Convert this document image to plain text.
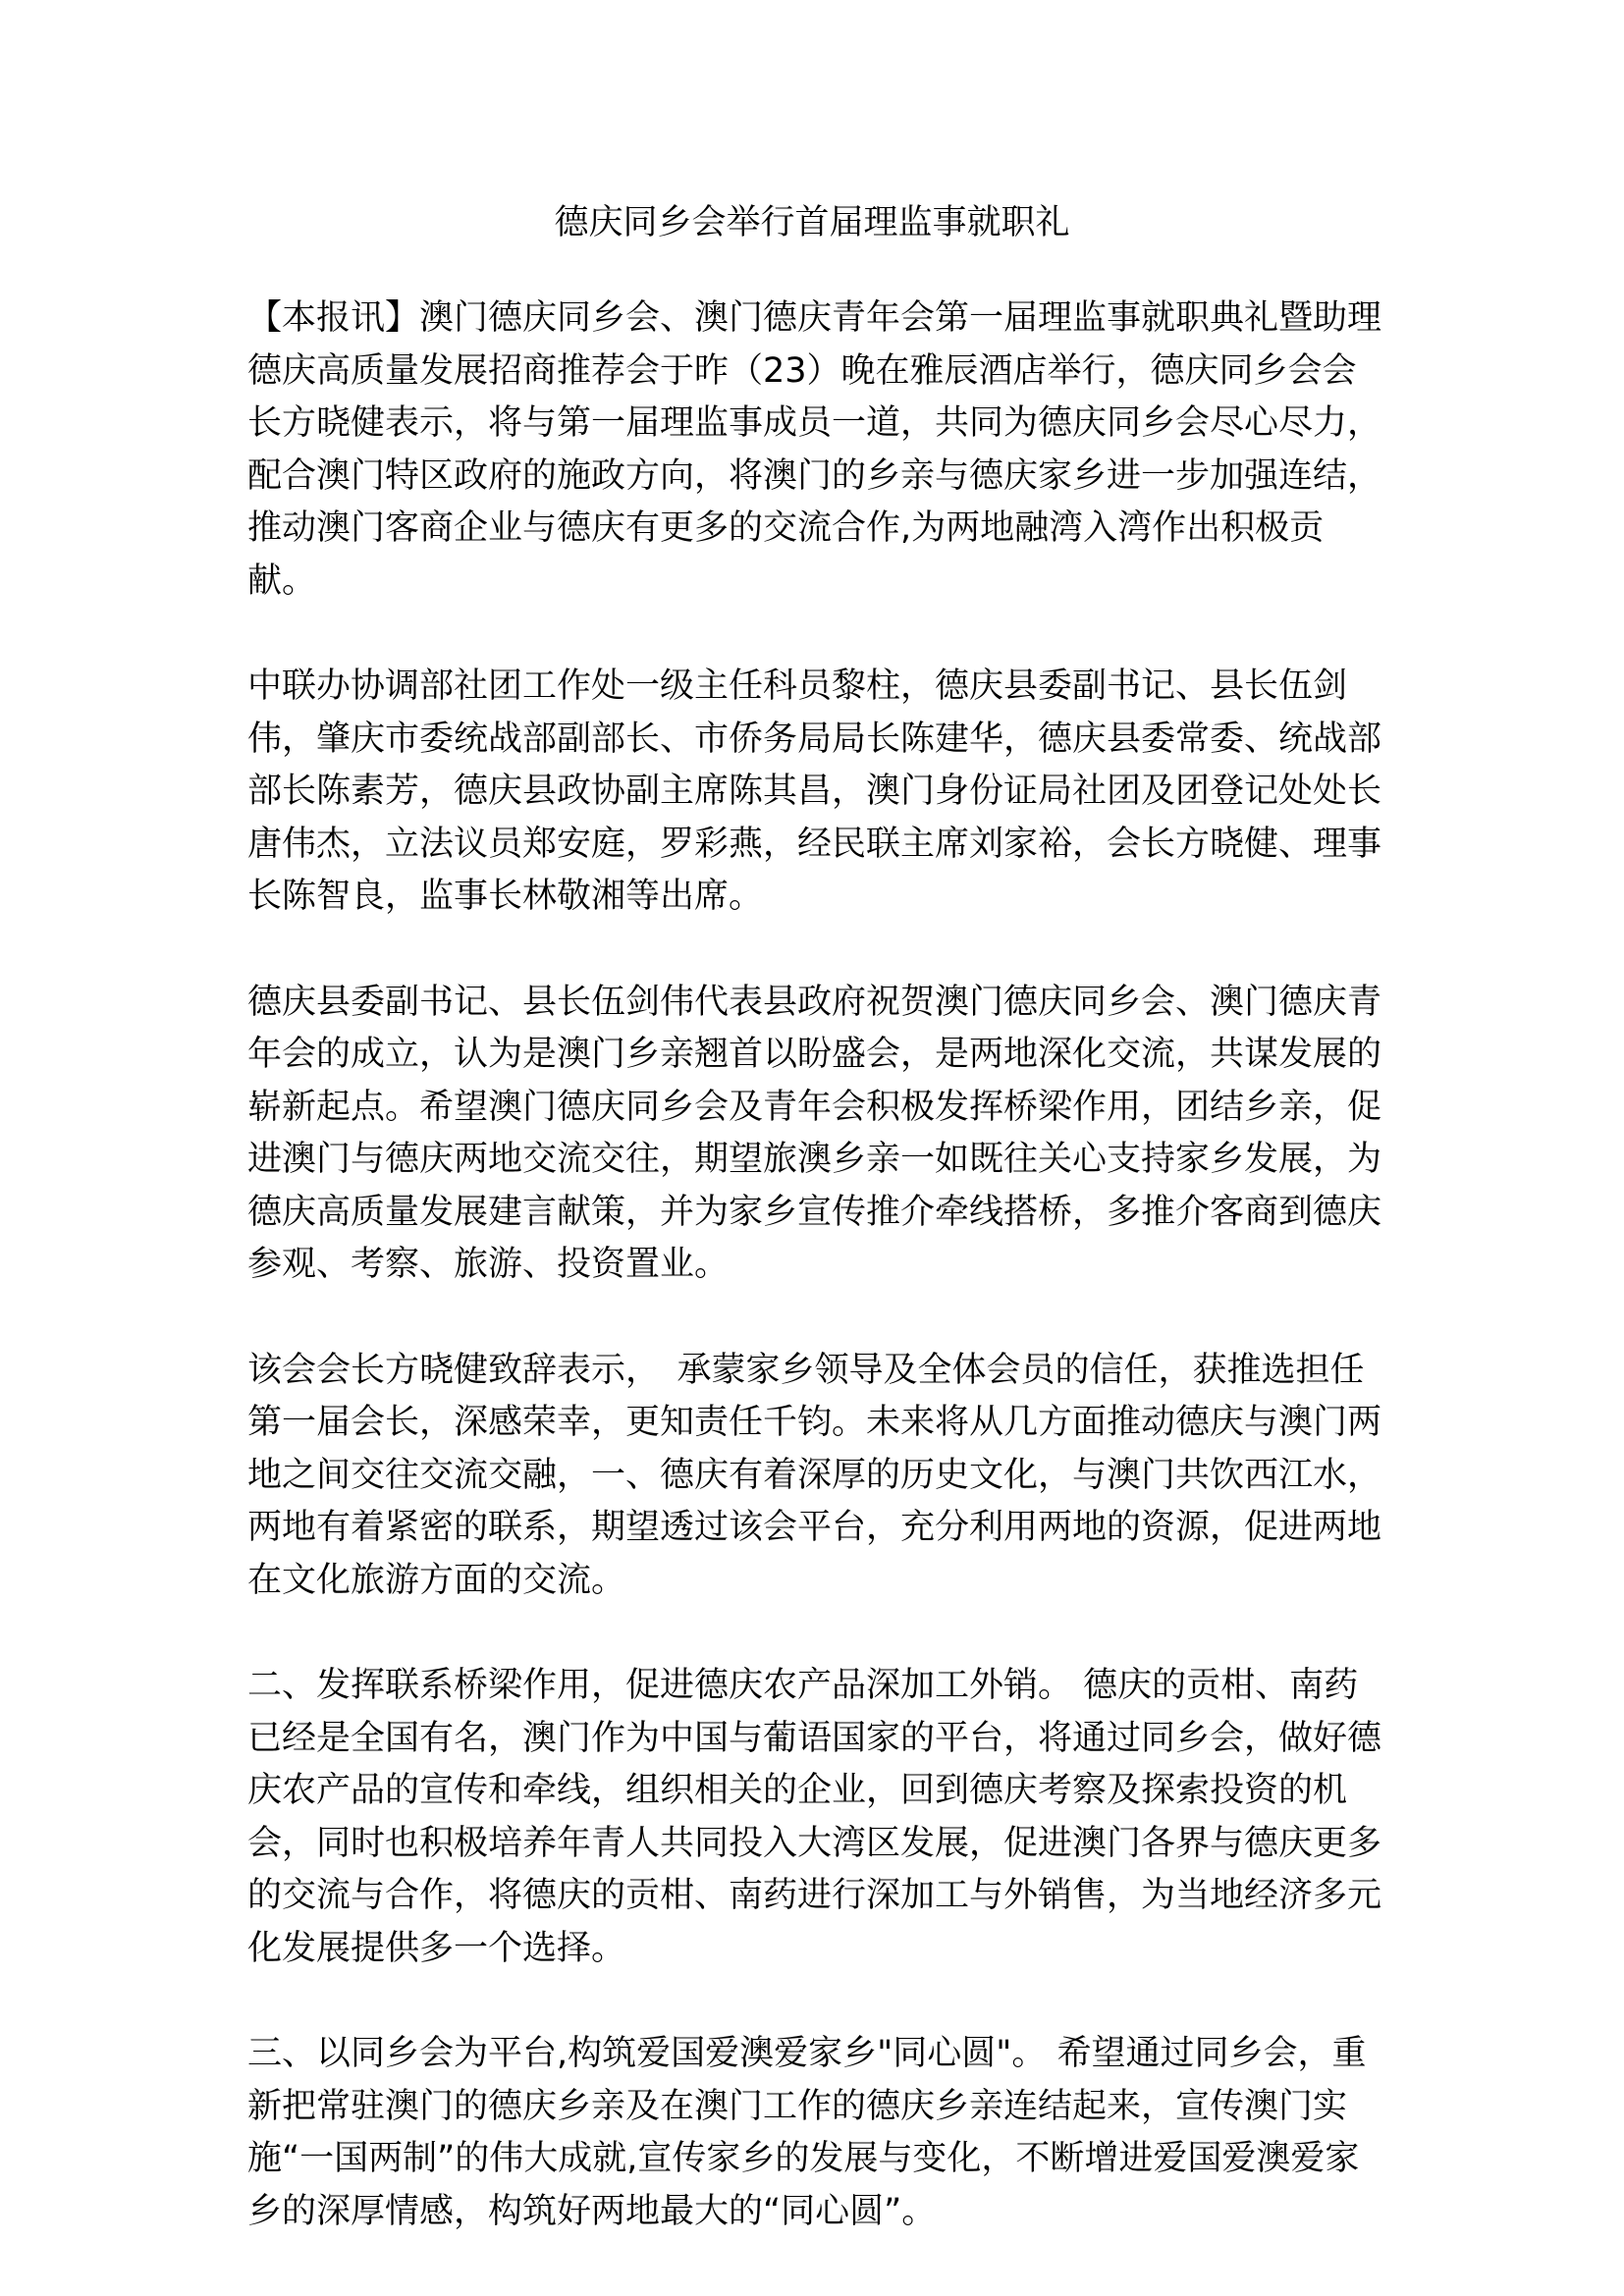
德庆同乡会举行首届理监事就职礼

【本报讯】澳门德庆同乡会、澳门德庆青年会第一届理监事就职典礼暨助理德庆高质量发展招商推荐会于昨（23）晚在雅辰酒店举行，德庆同乡会会长方晓健表示，将与第一届理监事成员一道，共同为德庆同乡会尽心尽力，配合澳门特区政府的施政方向，将澳门的乡亲与德庆家乡进一步加强连结，推动澳门客商企业与德庆有更多的交流合作,为两地融湾入湾作出积极贡献。

中联办协调部社团工作处一级主任科员黎柱，德庆县委副书记、县长伍剑伟，肇庆市委统战部副部长、市侨务局局长陈建华，德庆县委常委、统战部部长陈素芳，德庆县政协副主席陈其昌，澳门身份证局社团及团登记处处长唐伟杰，立法议员郑安庭，罗彩燕，经民联主席刘家裕，会长方晓健、理事长陈智良，监事长林敬湘等出席。

德庆县委副书记、县长伍剑伟代表县政府祝贺澳门德庆同乡会、澳门德庆青年会的成立，认为是澳门乡亲翘首以盼盛会，是两地深化交流，共谋发展的崭新起点。希望澳门德庆同乡会及青年会积极发挥桥梁作用，团结乡亲，促进澳门与德庆两地交流交往，期望旅澳乡亲一如既往关心支持家乡发展，为德庆高质量发展建言献策，并为家乡宣传推介牵线搭桥，多推介客商到德庆参观、考察、旅游、投资置业。

该会会长方晓健致辞表示，　承蒙家乡领导及全体会员的信任，获推选担任第一届会长，深感荣幸，更知责任千钧。未来将从几方面推动德庆与澳门两地之间交往交流交融，一、德庆有着深厚的历史文化，与澳门共饮西江水，两地有着紧密的联系，期望透过该会平台，充分利用两地的资源，促进两地在文化旅游方面的交流。

二、发挥联系桥梁作用，促进德庆农产品深加工外销。 德庆的贡柑、南药已经是全国有名，澳门作为中国与葡语国家的平台，将通过同乡会，做好德庆农产品的宣传和牵线，组织相关的企业，回到德庆考察及探索投资的机会，同时也积极培养年青人共同投入大湾区发展，促进澳门各界与德庆更多的交流与合作，将德庆的贡柑、南药进行深加工与外销售，为当地经济多元化发展提供多一个选择。

三、以同乡会为平台,构筑爱国爱澳爱家乡"同心圆"。 希望通过同乡会，重新把常驻澳门的德庆乡亲及在澳门工作的德庆乡亲连结起来，宣传澳门实施“一国两制”的伟大成就,宣传家乡的发展与变化，不断增进爱国爱澳爱家乡的深厚情感，构筑好两地最大的“同心圆”。
